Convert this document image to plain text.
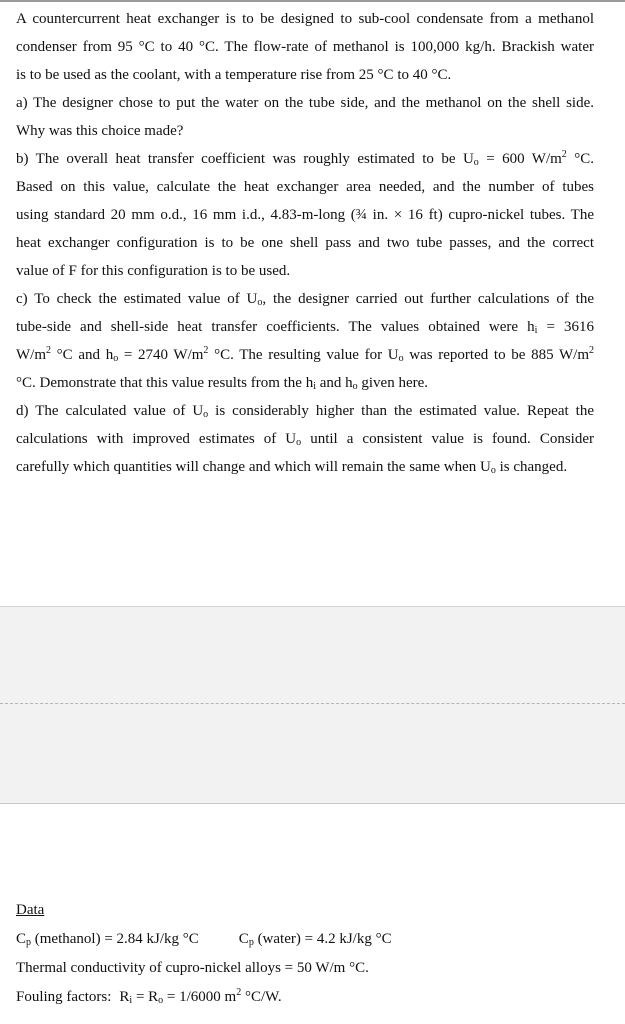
A countercurrent heat exchanger is to be designed to sub-cool condensate from a methanol

condenser from 95 °C to 40 °C. The flow-rate of methanol is 100,000 kg/h. Brackish water

is to be used as the coolant, with a temperature rise from 25 °C to 40 °C.

a) The designer chose to put the water on the tube side, and the methanol on the shell side.

Why was this choice made?

b) The overall heat transfer coefficient was roughly estimated to be $U_o = 600$ $W/m^2$ °C.

Based on this value, calculate the heat exchanger area needed, and the number of tubes

using standard 20 mm o.d., 16 mm i.d., 4.83-m-long (¾ in. × 16 ft) cupro-nickel tubes. The

heat exchanger configuration is to be one shell pass and two tube passes, and the correct

value of F for this configuration is to be used.

c) To check the estimated value of $U_o$, the designer carried out further calculations of the

tube-side and shell-side heat transfer coefficients. The values obtained were $h_i = 3616$

$W/m^2$ °C and $h_o = 2740$ $W/m^2$ °C. The resulting value for $U_o$ was reported to be 885 $W/m^2$

°C. Demonstrate that this value results from the $h_i$ and $h_o$ given here.

d) The calculated value of $U_o$ is considerably higher than the estimated value. Repeat the

calculations with improved estimates of $U_o$ until a consistent value is found. Consider

carefully which quantities will change and which will remain the same when $U_o$ is changed.

Data

$C_p$ (methanol) = 2.84 kJ/kg °C	$C_p$ (water) = 4.2 kJ/kg °C

Thermal conductivity of cupro-nickel alloys = 50 W/m °C.

Fouling factors: $R_i = R_o = 1/6000$ $m^2$ °C/W.
